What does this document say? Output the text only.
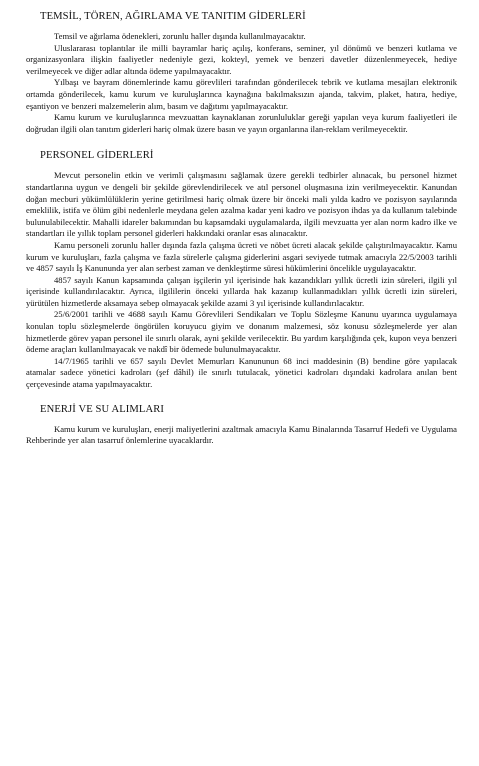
TEMSİL, TÖREN, AĞIRLAMA VE TANITIM GİDERLERİ

Temsil ve ağırlama ödenekleri, zorunlu haller dışında kullanılmayacaktır.

Uluslararası toplantılar ile milli bayramlar hariç açılış, konferans, seminer, yıl dönümü ve benzeri kutlama ve organizasyonlara ilişkin faaliyetler nedeniyle gezi, kokteyl, yemek ve benzeri davetler düzenlenmeyecek, hediye verilmeyecek ve diğer adlar altında ödeme yapılmayacaktır.

Yılbaşı ve bayram dönemlerinde kamu görevlileri tarafından gönderilecek tebrik ve kutlama mesajları elektronik ortamda gönderilecek, kamu kurum ve kuruluşlarınca kaynağına bakılmaksızın ajanda, takvim, plaket, hatıra, hediye, eşantiyon ve benzeri malzemelerin alım, basım ve dağıtımı yapılmayacaktır.

Kamu kurum ve kuruluşlarınca mevzuattan kaynaklanan zorunluluklar gereği yapılan veya kurum faaliyetleri ile doğrudan ilgili olan tanıtım giderleri hariç olmak üzere basın ve yayın organlarına ilan-reklam verilmeyecektir.

PERSONEL GİDERLERİ

Mevcut personelin etkin ve verimli çalışmasını sağlamak üzere gerekli tedbirler alınacak, bu personel hizmet standartlarına uygun ve dengeli bir şekilde görevlendirilecek ve atıl personel oluşmasına izin verilmeyecektir. Kanundan doğan mecburi yükümlülüklerin yerine getirilmesi hariç olmak üzere bir önceki mali yılda kadro ve pozisyon sayılarında emeklilik, istifa ve ölüm gibi nedenlerle meydana gelen azalma kadar yeni kadro ve pozisyon ihdas ya da kullanım talebinde bulunulabilecektir. Mahalli idareler bakımından bu kapsamdaki uygulamalarda, ilgili mevzuatta yer alan norm kadro ilke ve standartları ile yıllık toplam personel giderleri hakkındaki oranlar esas alınacaktır.

Kamu personeli zorunlu haller dışında fazla çalışma ücreti ve nöbet ücreti alacak şekilde çalıştırılmayacaktır. Kamu kurum ve kuruluşları, fazla çalışma ve fazla sürelerle çalışma giderlerini asgari seviyede tutmak amacıyla 22/5/2003 tarihli ve 4857 sayılı İş Kanununda yer alan serbest zaman ve denkleştirme süresi hükümlerini öncelikle uygulayacaktır.

4857 sayılı Kanun kapsamında çalışan işçilerin yıl içerisinde hak kazandıkları yıllık ücretli izin süreleri, ilgili yıl içerisinde kullandırılacaktır. Ayrıca, ilgililerin önceki yıllarda hak kazanıp kullanmadıkları yıllık ücretli izin süreleri, yürütülen hizmetlerde aksamaya sebep olmayacak şekilde azami 3 yıl içerisinde kullandırılacaktır.

25/6/2001 tarihli ve 4688 sayılı Kamu Görevlileri Sendikaları ve Toplu Sözleşme Kanunu uyarınca uygulamaya konulan toplu sözleşmelerde öngörülen koruyucu giyim ve donanım malzemesi, söz konusu sözleşmelerde yer alan hizmetlerde görev yapan personel ile sınırlı olarak, ayni şekilde verilecektir. Bu yardım karşılığında çek, kupon veya benzeri ödeme araçları kullanılmayacak ve nakdî bir ödemede bulunulmayacaktır.

14/7/1965 tarihli ve 657 sayılı Devlet Memurları Kanununun 68 inci maddesinin (B) bendine göre yapılacak atamalar sadece yönetici kadroları (şef dâhil) ile sınırlı tutulacak, yönetici kadroları dışındaki kadrolara anılan bent çerçevesinde atama yapılmayacaktır.

ENERJİ VE SU ALIMLARI

Kamu kurum ve kuruluşları, enerji maliyetlerini azaltmak amacıyla Kamu Binalarında Tasarruf Hedefi ve Uygulama Rehberinde yer alan tasarruf önlemlerine uyacaklardır.
